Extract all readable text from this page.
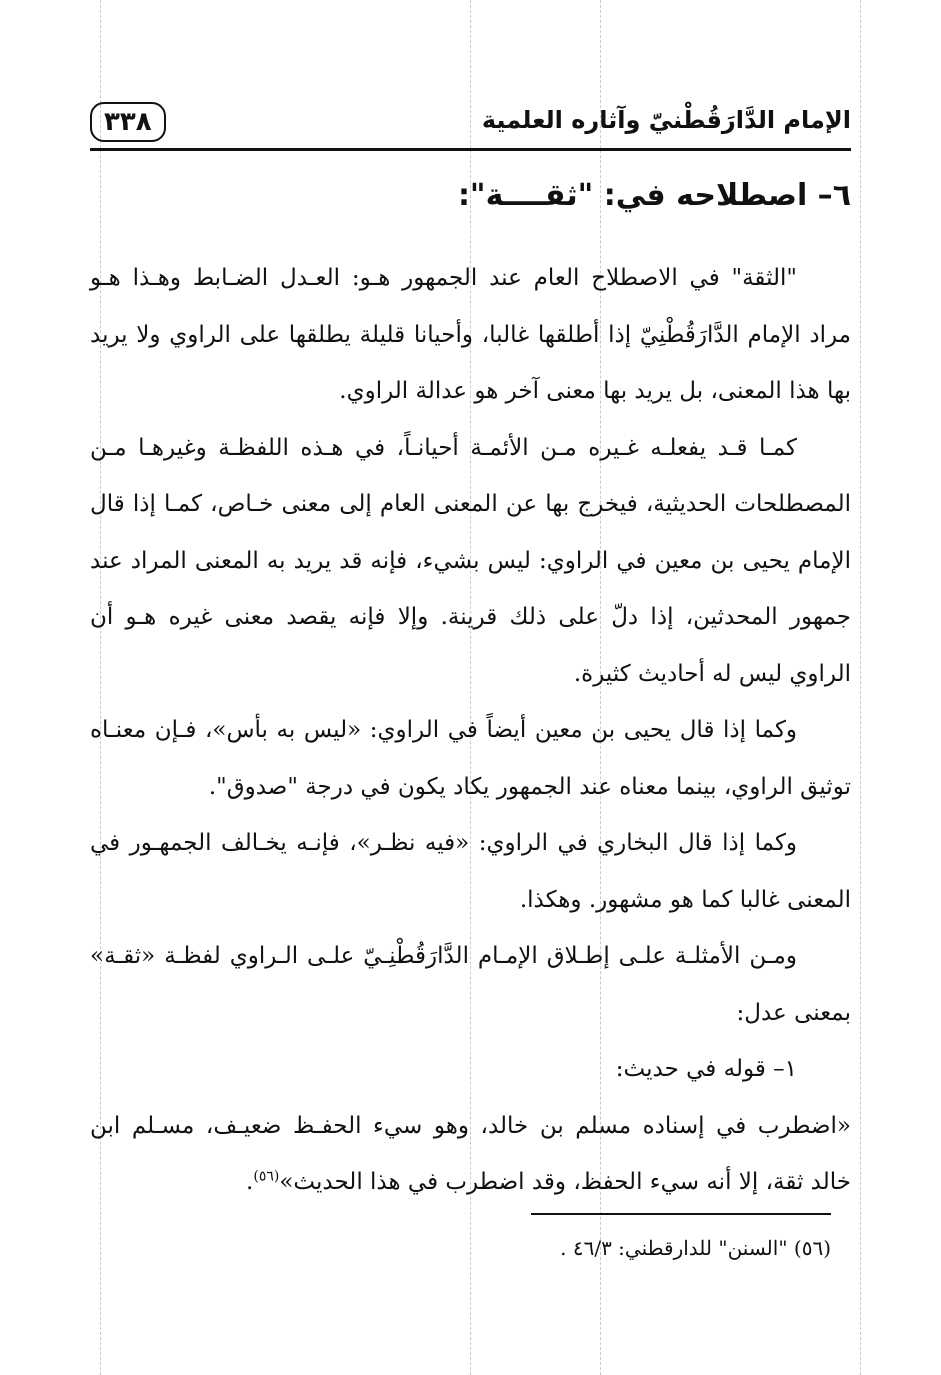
٣٣٨	الإمام الدَّارَقُطْنيّ وآثاره العلمية
٦– اصطلاحه في: "ثقــــة":

"الثقة" في الاصطلاح العام عند الجمهور هـو: العـدل الضـابط وهـذا هـو مراد الإمام الدَّارَقُطْنِيّ إذا أطلقها غالبا، وأحيانا قليلة يطلقها على الراوي ولا يريد بها هذا المعنى، بل يريد بها معنى آخر هو عدالة الراوي.

كمـا قـد يفعلـه غـيره مـن الأئمـة أحيانـاً، في هـذه اللفظـة وغيرهـا مـن المصطلحات الحديثية، فيخرج بها عن المعنى العام إلى معنى خـاص، كمـا إذا قال الإمام يحيى بن معين في الراوي: ليس بشيء، فإنه قد يريد به المعنى المراد عند جمهور المحدثين، إذا دلّ على ذلك قرينة. وإلا فإنه يقصد معنى غيره هـو أن الراوي ليس له أحاديث كثيرة.

وكما إذا قال يحيى بن معين أيضاً في الراوي: «ليس به بأس»، فـإن معنـاه توثيق الراوي، بينما معناه عند الجمهور يكاد يكون في درجة "صدوق".

وكما إذا قال البخاري في الراوي: «فيه نظـر»، فإنـه يخـالف الجمهـور في المعنى غالبا كما هو مشهور. وهكذا.

ومـن الأمثلـة علـى إطـلاق الإمـام الدَّارَقُطْنِـيّ علـى الـراوي لفظـة «ثقـة» بمعنى عدل:

١– قوله في حديث:

«اضطرب في إسناده مسلم بن خالد، وهو سيء الحفـظ ضعيـف، مسـلم ابن خالد ثقة، إلا أنه سيء الحفظ، وقد اضطرب في هذا الحديث»$^{(٥٦)}$.

(٥٦) "السنن" للدارقطني: ٤٦/٣ .
